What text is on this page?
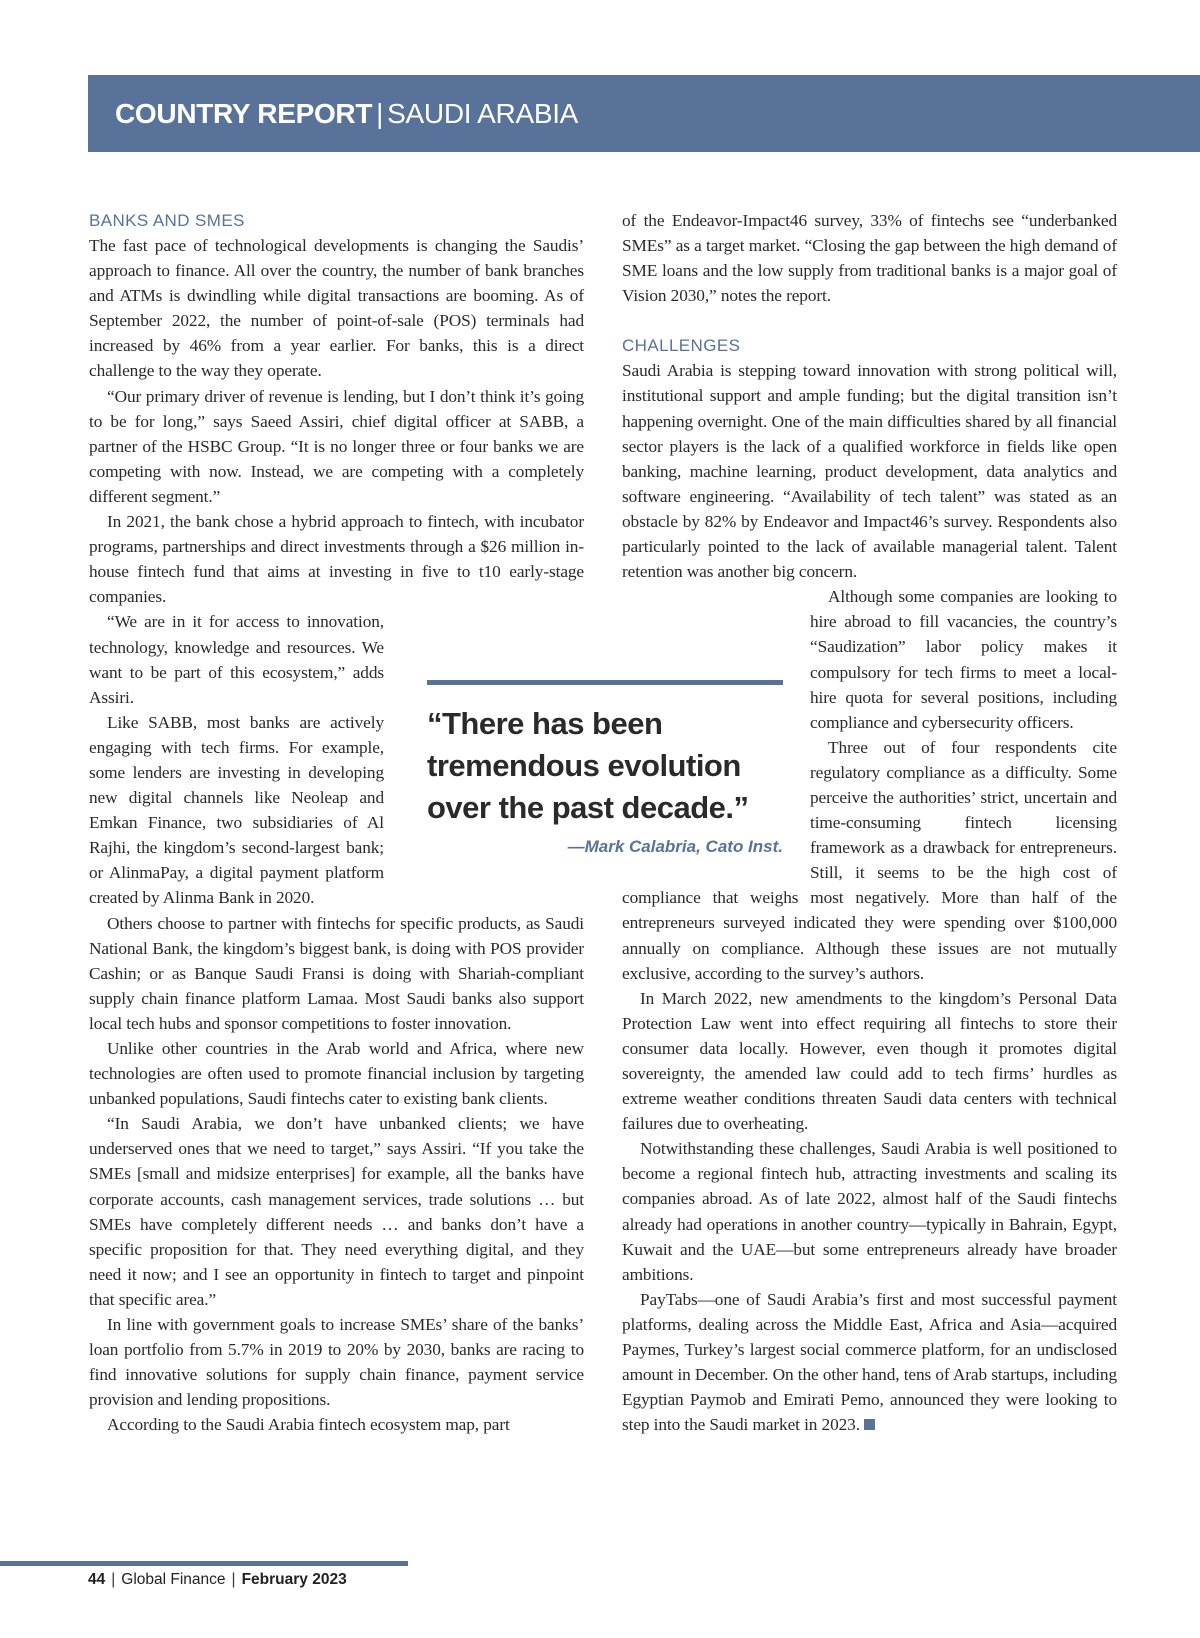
COUNTRY REPORT | SAUDI ARABIA
BANKS AND SMES

The fast pace of technological developments is changing the Saudis’ approach to finance. All over the country, the number of bank branches and ATMs is dwindling while digital transactions are booming. As of September 2022, the number of point-of-sale (POS) terminals had increased by 46% from a year earlier. For banks, this is a direct challenge to the way they operate.

“Our primary driver of revenue is lending, but I don’t think it’s going to be for long,” says Saeed Assiri, chief digital officer at SABB, a partner of the HSBC Group. “It is no longer three or four banks we are competing with now. Instead, we are competing with a completely different segment.”

In 2021, the bank chose a hybrid approach to fintech, with incubator programs, partnerships and direct investments through a $26 million in-house fintech fund that aims at investing in five to t10 early-stage companies.

“We are in it for access to innovation, technology, knowledge and resources. We want to be part of this ecosystem,” adds Assiri.

Like SABB, most banks are actively engaging with tech firms. For example, some lenders are investing in developing new digital channels like Neoleap and Emkan Finance, two subsidiaries of Al Rajhi, the kingdom’s second-largest bank; or AlinmaPay, a digital payment platform created by Alinma Bank in 2020.

Others choose to partner with fintechs for specific products, as Saudi National Bank, the kingdom’s biggest bank, is doing with POS provider Cashin; or as Banque Saudi Fransi is doing with Shariah-compliant supply chain finance platform Lamaa. Most Saudi banks also support local tech hubs and sponsor competitions to foster innovation.

Unlike other countries in the Arab world and Africa, where new technologies are often used to promote financial inclusion by targeting unbanked populations, Saudi fintechs cater to existing bank clients.

“In Saudi Arabia, we don’t have unbanked clients; we have underserved ones that we need to target,” says Assiri. “If you take the SMEs [small and midsize enterprises] for example, all the banks have corporate accounts, cash management services, trade solutions … but SMEs have completely different needs … and banks don’t have a specific proposition for that. They need everything digital, and they need it now; and I see an opportunity in fintech to target and pinpoint that specific area.”

In line with government goals to increase SMEs’ share of the banks’ loan portfolio from 5.7% in 2019 to 20% by 2030, banks are racing to find innovative solutions for supply chain finance, payment service provision and lending propositions.

According to the Saudi Arabia fintech ecosystem map, part

of the Endeavor-Impact46 survey, 33% of fintechs see “underbanked SMEs” as a target market. “Closing the gap between the high demand of SME loans and the low supply from traditional banks is a major goal of Vision 2030,” notes the report.

CHALLENGES

Saudi Arabia is stepping toward innovation with strong political will, institutional support and ample funding; but the digital transition isn’t happening overnight. One of the main difficulties shared by all financial sector players is the lack of a qualified workforce in fields like open banking, machine learning, product development, data analytics and software engineering. “Availability of tech talent” was stated as an obstacle by 82% by Endeavor and Impact46’s survey. Respondents also particularly pointed to the lack of available managerial talent. Talent retention was another big concern.

Although some companies are looking to hire abroad to fill vacancies, the country’s “Saudization” labor policy makes it compulsory for tech firms to meet a local-hire quota for several positions, including compliance and cybersecurity officers.

Three out of four respondents cite regulatory compliance as a difficulty. Some perceive the authorities’ strict, uncertain and time-consuming fintech licensing framework as a drawback for entrepreneurs. Still, it seems to be the high cost of compliance that weighs most negatively. More than half of the entrepreneurs surveyed indicated they were spending over $100,000 annually on compliance. Although these issues are not mutually exclusive, according to the survey’s authors.

In March 2022, new amendments to the kingdom’s Personal Data Protection Law went into effect requiring all fintechs to store their consumer data locally. However, even though it promotes digital sovereignty, the amended law could add to tech firms’ hurdles as extreme weather conditions threaten Saudi data centers with technical failures due to overheating.

Notwithstanding these challenges, Saudi Arabia is well positioned to become a regional fintech hub, attracting investments and scaling its companies abroad. As of late 2022, almost half of the Saudi fintechs already had operations in another country—typically in Bahrain, Egypt, Kuwait and the UAE—but some entrepreneurs already have broader ambitions.

PayTabs—one of Saudi Arabia’s first and most successful payment platforms, dealing across the Middle East, Africa and Asia—acquired Paymes, Turkey’s largest social commerce platform, for an undisclosed amount in December. On the other hand, tens of Arab startups, including Egyptian Paymob and Emirati Pemo, announced they were looking to step into the Saudi market in 2023.

“There has been tremendous evolution over the past decade.”
—Mark Calabria, Cato Inst.
44 | Global Finance | February 2023
